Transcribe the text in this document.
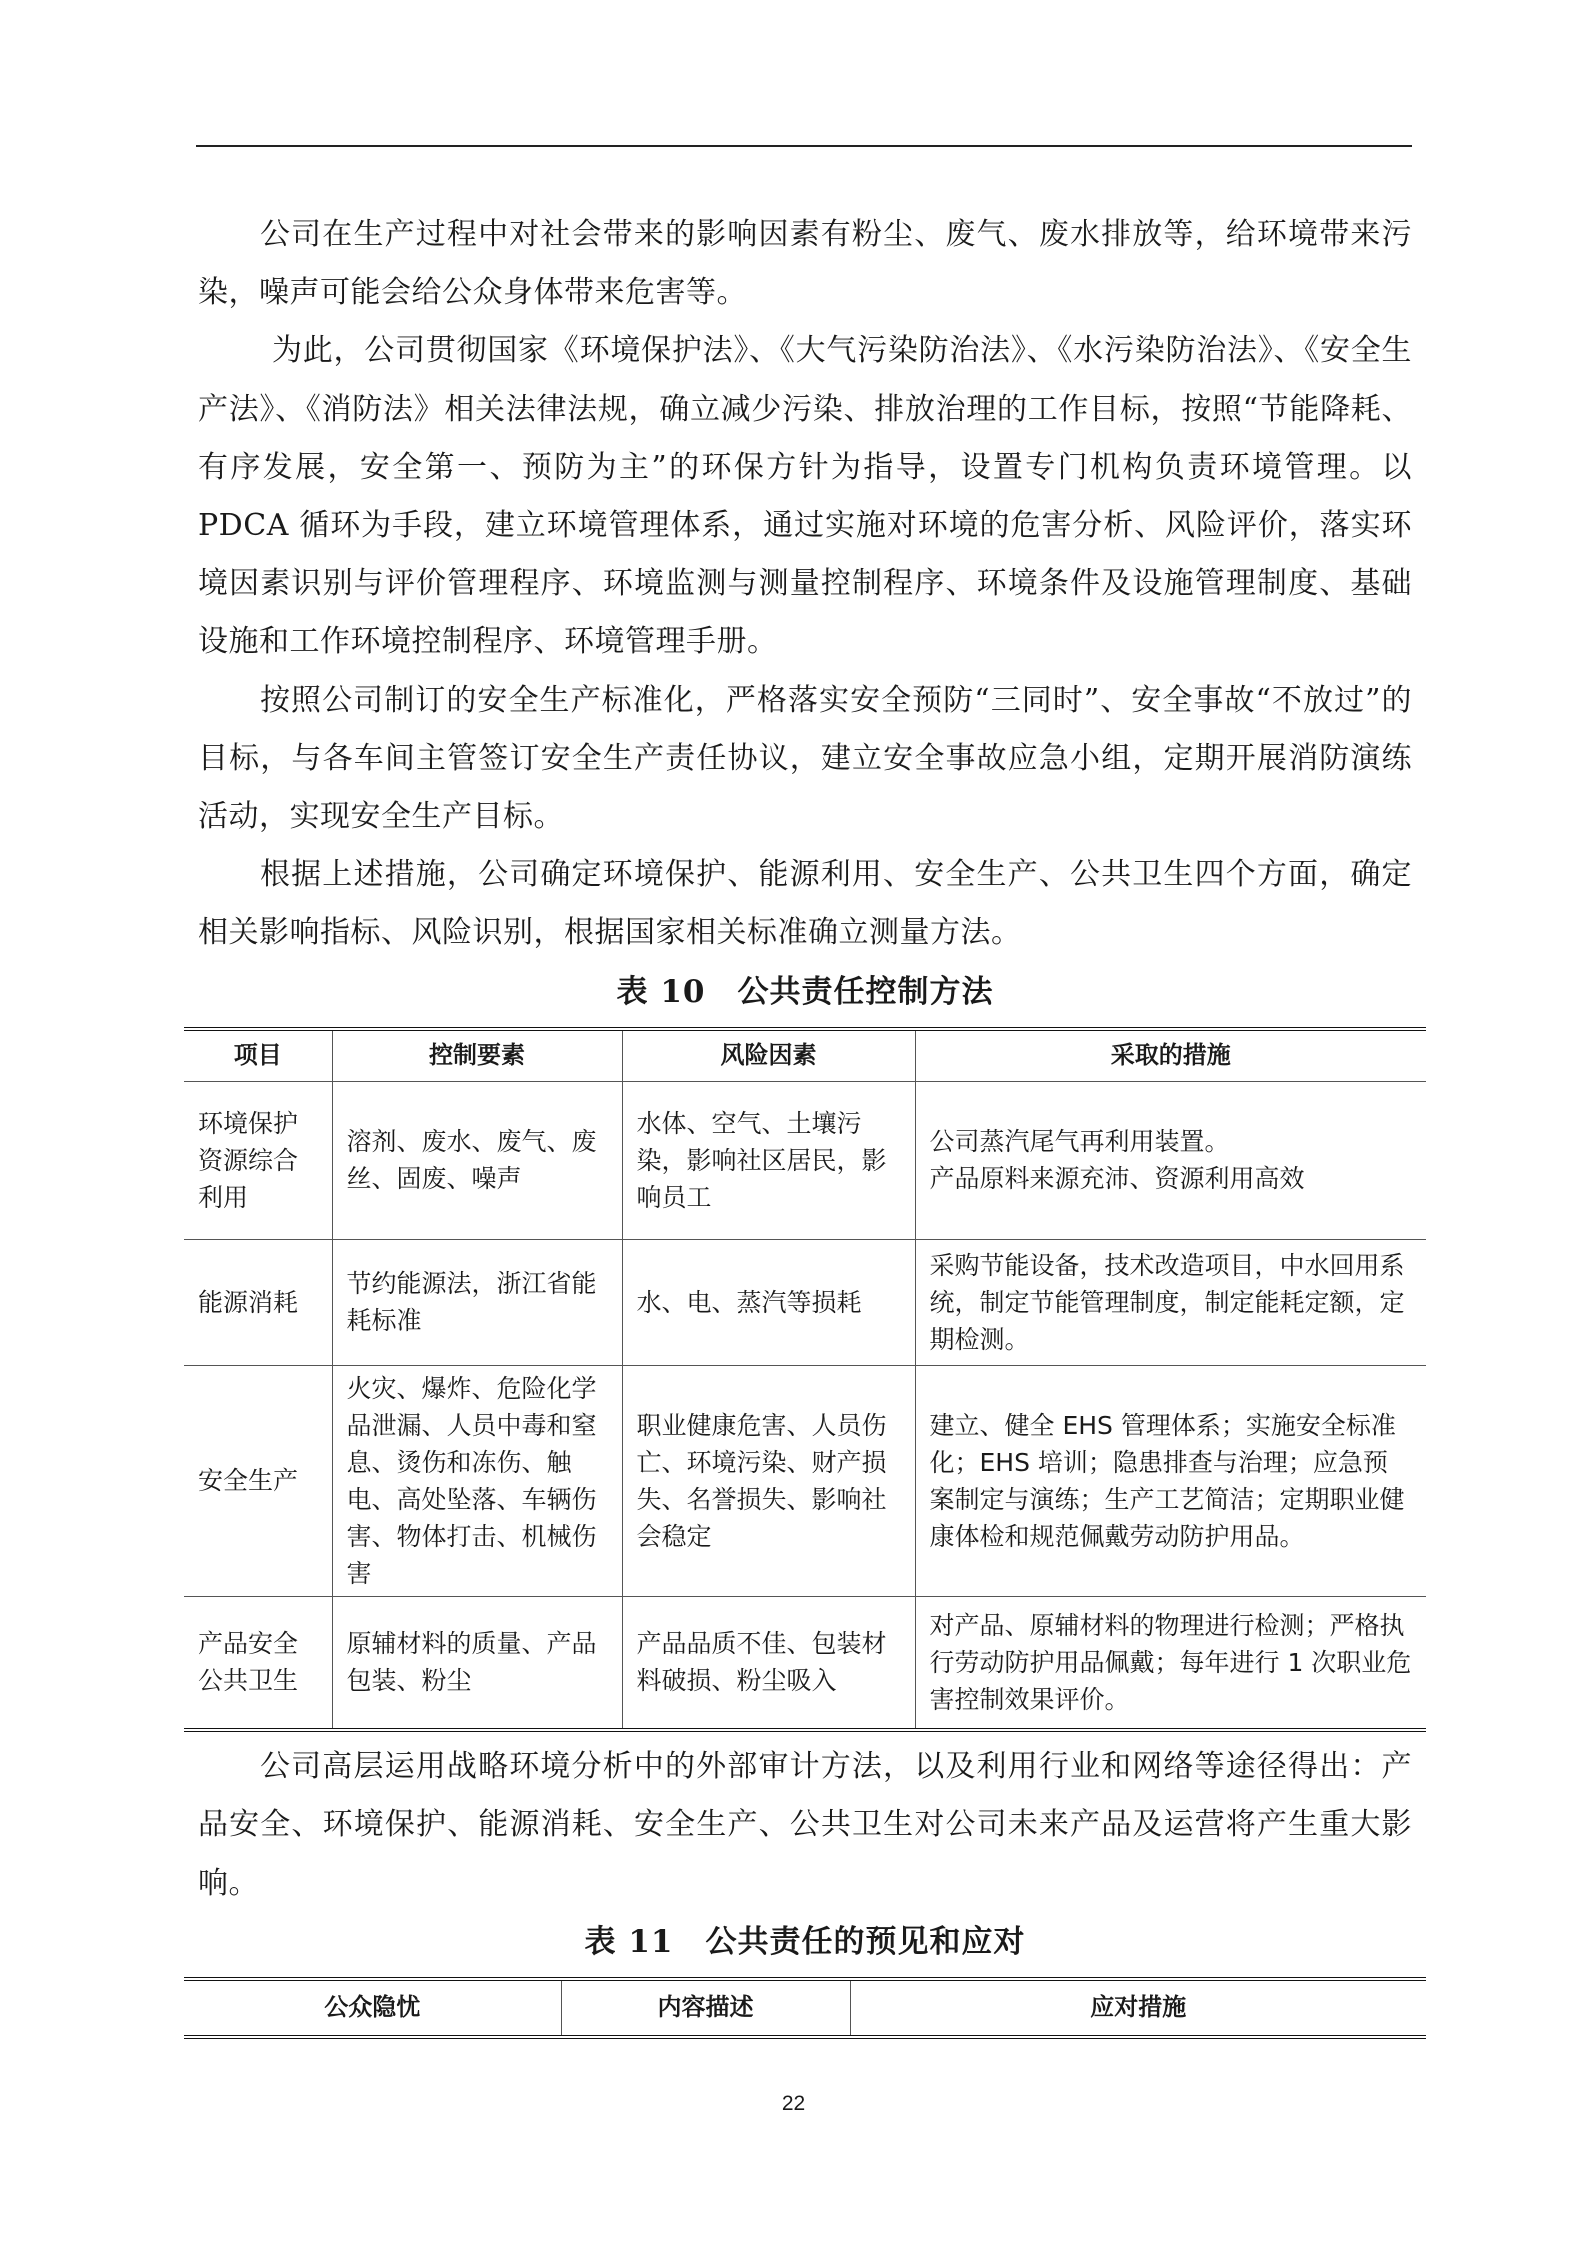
公司在生产过程中对社会带来的影响因素有粉尘、废气、废水排放等，给环境带来污染，噪声可能会给公众身体带来危害等。

为此，公司贯彻国家《环境保护法》、《大气污染防治法》、《水污染防治法》、《安全生产法》、《消防法》相关法律法规，确立减少污染、排放治理的工作目标，按照“节能降耗、有序发展，安全第一、预防为主”的环保方针为指导，设置专门机构负责环境管理。以 PDCA 循环为手段，建立环境管理体系，通过实施对环境的危害分析、风险评价，落实环境因素识别与评价管理程序、环境监测与测量控制程序、环境条件及设施管理制度、基础设施和工作环境控制程序、环境管理手册。

按照公司制订的安全生产标准化，严格落实安全预防“三同时”、安全事故“不放过”的目标，与各车间主管签订安全生产责任协议，建立安全事故应急小组，定期开展消防演练活动，实现安全生产目标。

根据上述措施，公司确定环境保护、能源利用、安全生产、公共卫生四个方面，确定相关影响指标、风险识别，根据国家相关标准确立测量方法。

表 10　公共责任控制方法
项目	控制要素	风险因素	采取的措施
环境保护资源综合利用	溶剂、废水、废气、废丝、固废、噪声	水体、空气、土壤污染，影响社区居民，影响员工	公司蒸汽尾气再利用装置。
产品原料来源充沛、资源利用高效

能源消耗	节约能源法，浙江省能耗标准	水、电、蒸汽等损耗	采购节能设备，技术改造项目，中水回用系统，制定节能管理制度，制定能耗定额，定期检测。
安全生产	火灾、爆炸、危险化学品泄漏、人员中毒和窒息、烫伤和冻伤、触电、高处坠落、车辆伤害、物体打击、机械伤害	职业健康危害、人员伤亡、环境污染、财产损失、名誉损失、影响社会稳定	建立、健全 EHS 管理体系；实施安全标准化；EHS 培训；隐患排查与治理；应急预案制定与演练；生产工艺简洁；定期职业健康体检和规范佩戴劳动防护用品。
产品安全公共卫生	原辅材料的质量、产品包装、粉尘	产品品质不佳、包装材料破损、粉尘吸入	对产品、原辅材料的物理进行检测；严格执行劳动防护用品佩戴；每年进行 1 次职业危害控制效果评价。

公司高层运用战略环境分析中的外部审计方法，以及利用行业和网络等途径得出：产品安全、环境保护、能源消耗、安全生产、公共卫生对公司未来产品及运营将产生重大影响。

表 11　公共责任的预见和应对
公众隐忧	内容描述	应对措施
22
